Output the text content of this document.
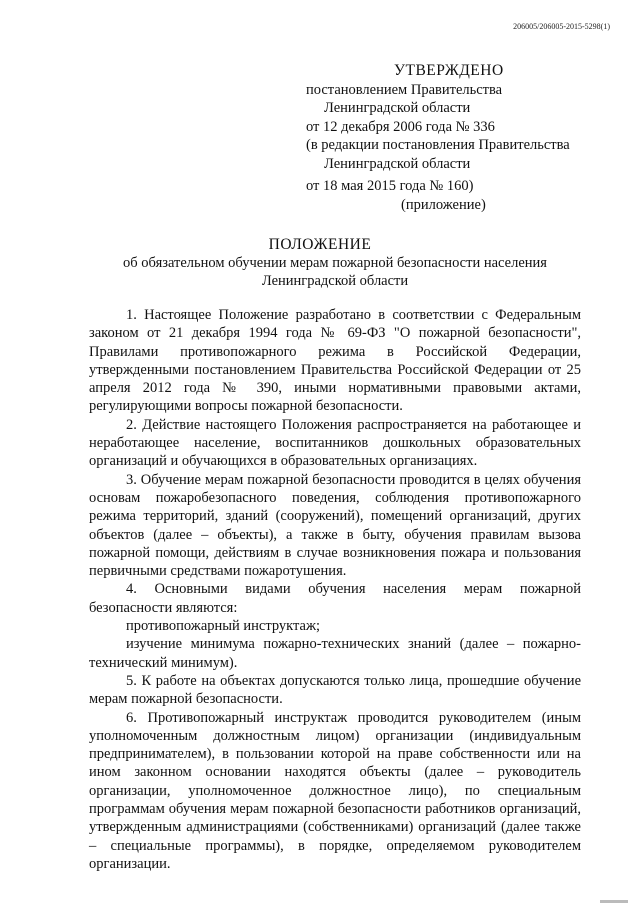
206005/206005-2015-5298(1)
УТВЕРЖДЕНО
постановлением Правительства
Ленинградской области
от 12 декабря 2006 года № 336
(в редакции постановления Правительства
Ленинградской области
от 18 мая 2015 года № 160)
(приложение)
ПОЛОЖЕНИЕ
об обязательном обучении мерам пожарной безопасности населения Ленинградской области

1. Настоящее Положение разработано в соответствии с Федеральным законом от 21 декабря 1994 года № 69-ФЗ "О пожарной безопасности", Правилами противопожарного режима в Российской Федерации, утвержденными постановлением Правительства Российской Федерации от 25 апреля 2012 года № 390, иными нормативными правовыми актами, регулирующими вопросы пожарной безопасности.

2. Действие настоящего Положения распространяется на работающее и неработающее население, воспитанников дошкольных образовательных организаций и обучающихся в образовательных организациях.

3. Обучение мерам пожарной безопасности проводится в целях обучения основам пожаробезопасного поведения, соблюдения противопожарного режима территорий, зданий (сооружений), помещений организаций, других объектов (далее – объекты), а также в быту, обучения правилам вызова пожарной помощи, действиям в случае возникновения пожара и пользования первичными средствами пожаротушения.

4. Основными видами обучения населения мерам пожарной безопасности являются:

противопожарный инструктаж;

изучение минимума пожарно-технических знаний (далее – пожарно-технический минимум).

5. К работе на объектах допускаются только лица, прошедшие обучение мерам пожарной безопасности.

6. Противопожарный инструктаж проводится руководителем (иным уполномоченным должностным лицом) организации (индивидуальным предпринимателем), в пользовании которой на праве собственности или на ином законном основании находятся объекты (далее – руководитель организации, уполномоченное должностное лицо), по специальным программам обучения мерам пожарной безопасности работников организаций, утвержденным администрациями (собственниками) организаций (далее также – специальные программы), в порядке, определяемом руководителем организации.
